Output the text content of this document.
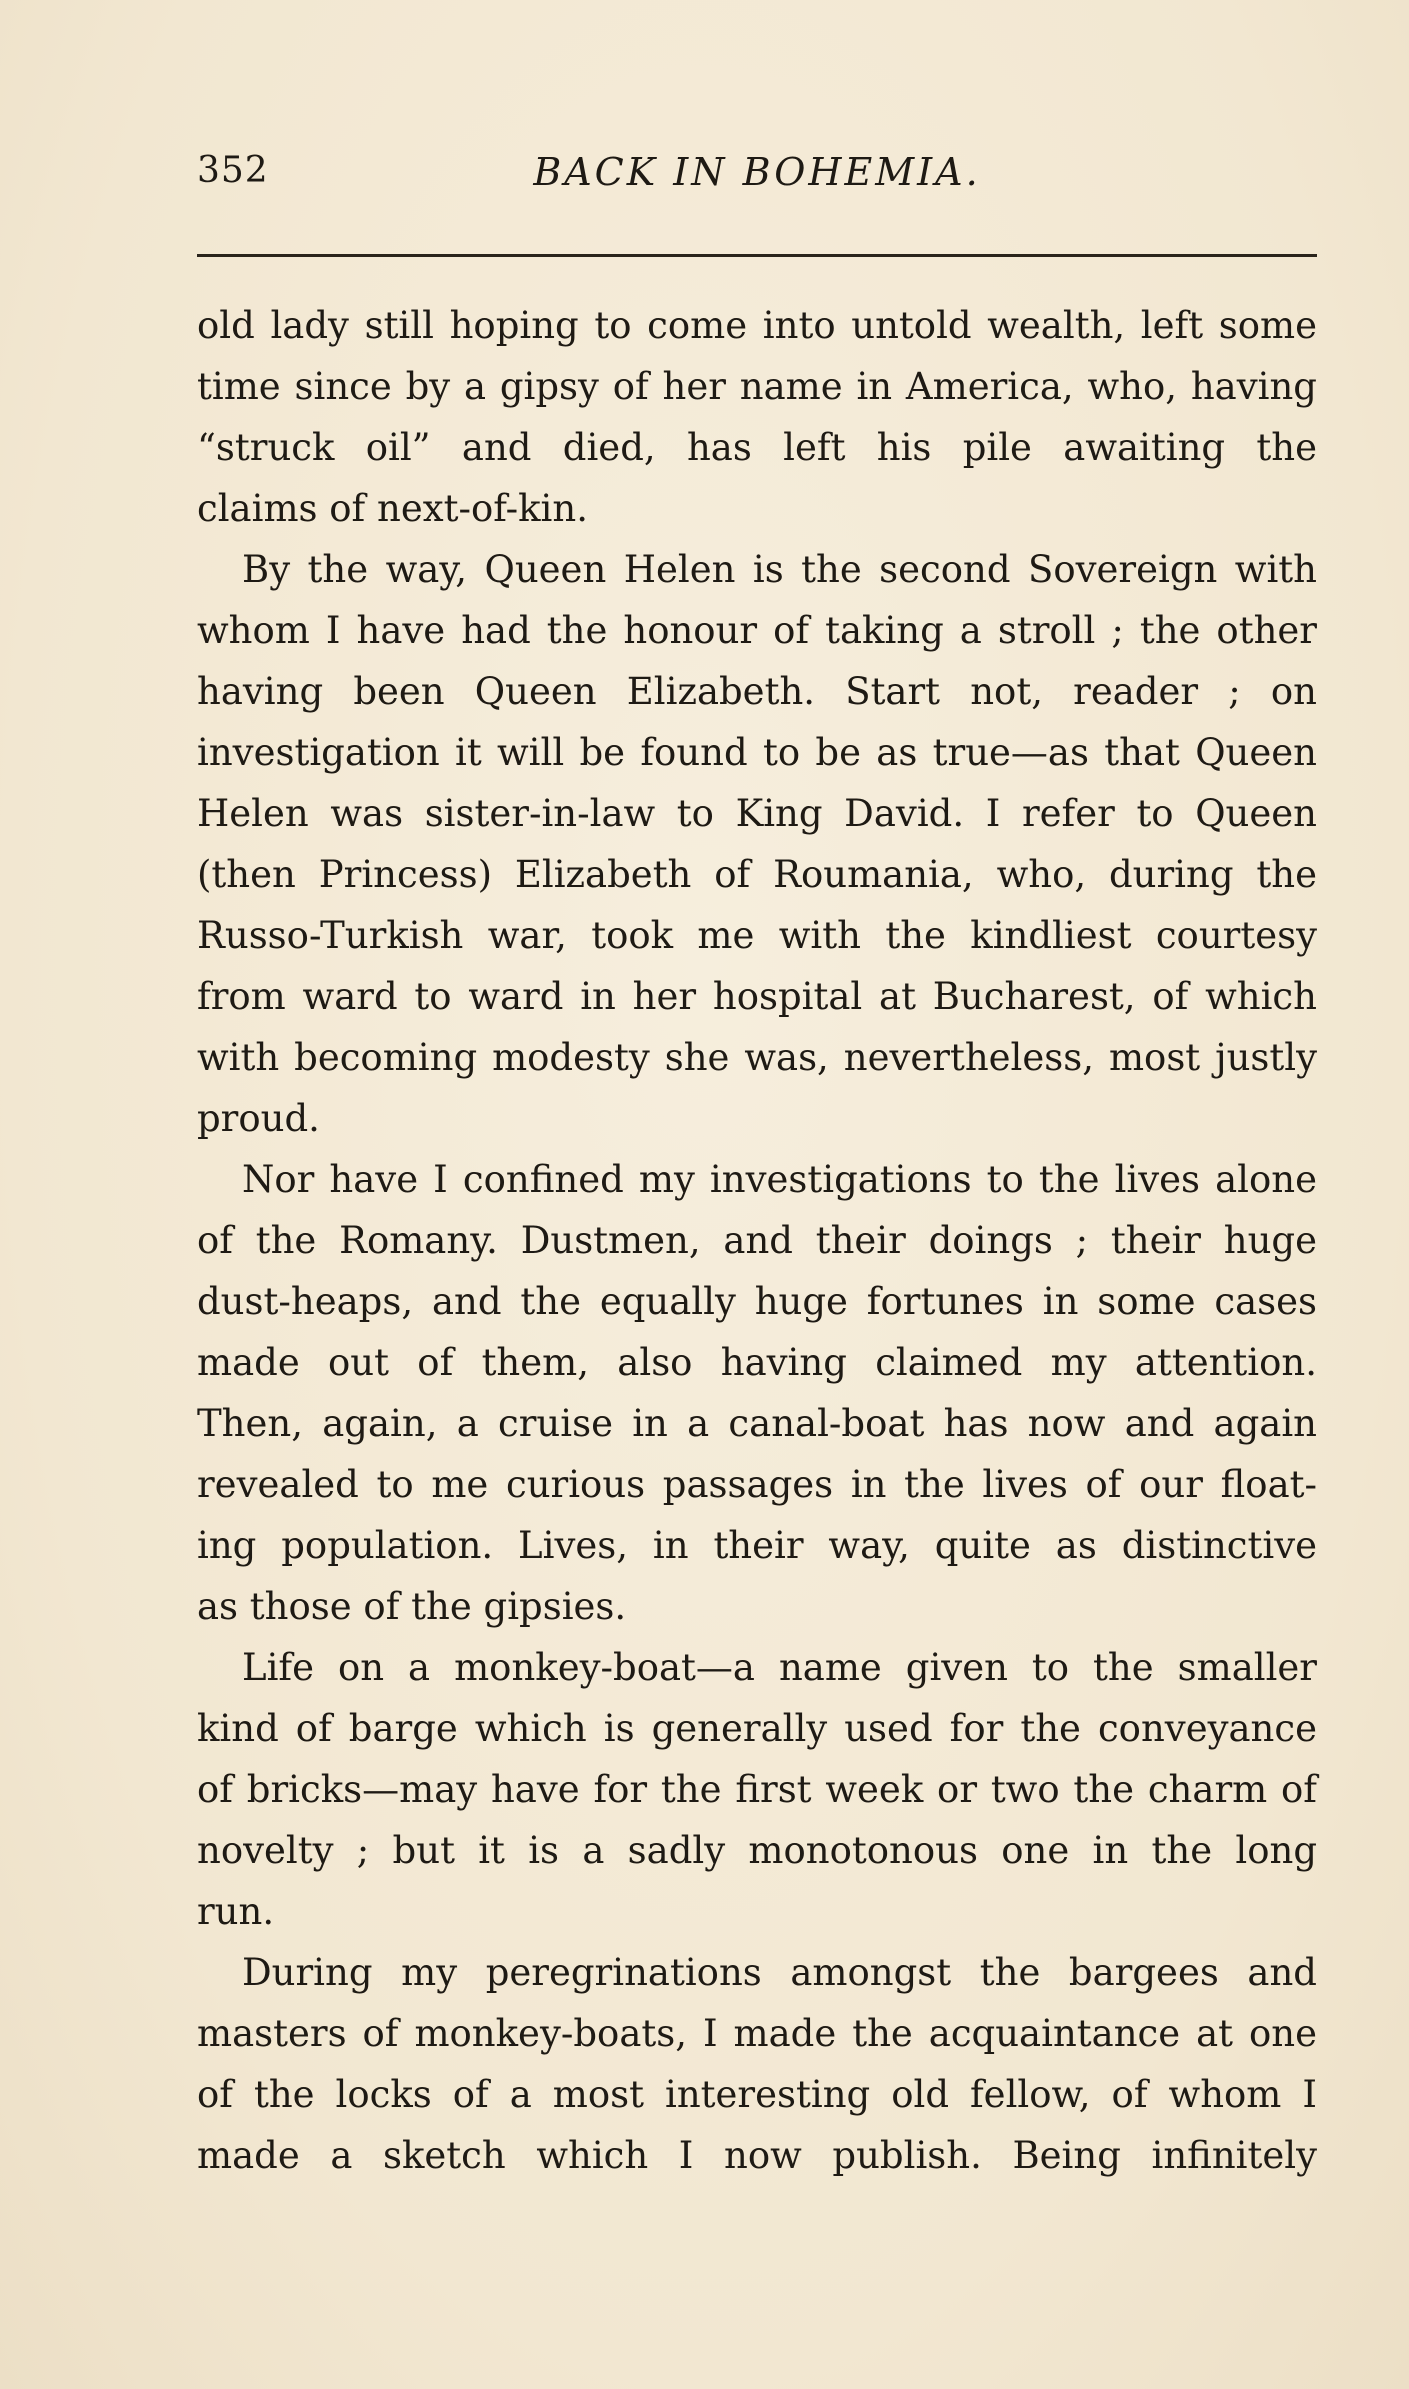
352	BACK IN BOHEMIA.
old lady still hoping to come into untold wealth, left some
time since by a gipsy of her name in America, who, having
“struck oil” and died, has left his pile awaiting the
claims of next-of-kin.
By the way, Queen Helen is the second Sovereign with
whom I have had the honour of taking a stroll ; the other
having been Queen Elizabeth. Start not, reader ; on
investigation it will be found to be as true—as that Queen
Helen was sister-in-law to King David. I refer to Queen
(then Princess) Elizabeth of Roumania, who, during the
Russo-Turkish war, took me with the kindliest courtesy
from ward to ward in her hospital at Bucharest, of which
with becoming modesty she was, nevertheless, most justly
proud.
Nor have I confined my investigations to the lives alone
of the Romany. Dustmen, and their doings ; their huge
dust-heaps, and the equally huge fortunes in some cases
made out of them, also having claimed my attention.
Then, again, a cruise in a canal-boat has now and again
revealed to me curious passages in the lives of our float-
ing population. Lives, in their way, quite as distinctive
as those of the gipsies.
Life on a monkey-boat—a name given to the smaller
kind of barge which is generally used for the conveyance
of bricks—may have for the first week or two the charm of
novelty ; but it is a sadly monotonous one in the long
run.
During my peregrinations amongst the bargees and
masters of monkey-boats, I made the acquaintance at one
of the locks of a most interesting old fellow, of whom I
made a sketch which I now publish. Being infinitely
